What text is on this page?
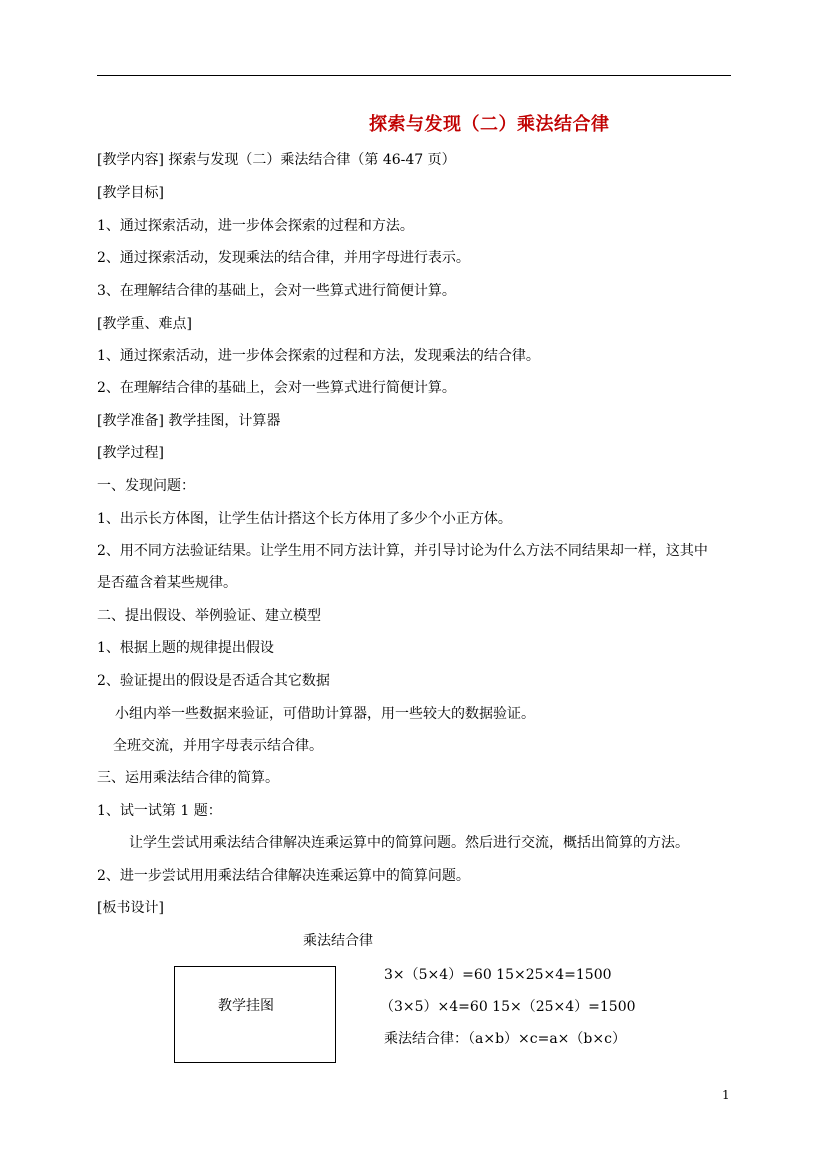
探索与发现（二）乘法结合律
[教学内容] 探索与发现（二）乘法结合律（第 46-47 页）
[教学目标]
1、通过探索活动，进一步体会探索的过程和方法。
2、通过探索活动，发现乘法的结合律，并用字母进行表示。
3、在理解结合律的基础上，会对一些算式进行简便计算。
[教学重、难点]
1、通过探索活动，进一步体会探索的过程和方法，发现乘法的结合律。
2、在理解结合律的基础上，会对一些算式进行简便计算。
[教学准备] 教学挂图，计算器
[教学过程]
一、发现问题：
1、出示长方体图，让学生估计搭这个长方体用了多少个小正方体。
2、用不同方法验证结果。让学生用不同方法计算，并引导讨论为什么方法不同结果却一样，这其中
是否蕴含着某些规律。
二、提出假设、举例验证、建立模型
1、根据上题的规律提出假设
2、验证提出的假设是否适合其它数据
小组内举一些数据来验证，可借助计算器，用一些较大的数据验证。
全班交流，并用字母表示结合律。
三、运用乘法结合律的简算。
1、试一试第 1 题：
让学生尝试用乘法结合律解决连乘运算中的简算问题。然后进行交流，概括出简算的方法。
2、进一步尝试用用乘法结合律解决连乘运算中的简算问题。
[板书设计]
乘法结合律
教学挂图
3×（5×4）=60 15×25×4=1500
（3×5）×4=60 15×（25×4）=1500
乘法结合律：（a×b）×c=a×（b×c）
1
